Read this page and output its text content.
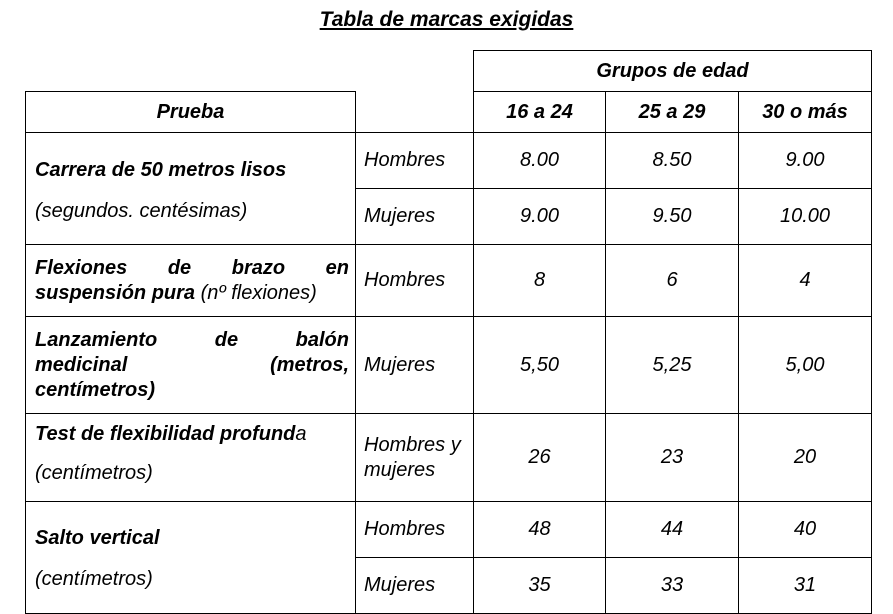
Tabla de marcas exigidas
		Grupos de edad		
Prueba		16 a 24	25 a 29	30 o más

Carrera de 50 metros lisos
(segundos. centésimas)	Hombres	8.00	8.50	9.00
	Mujeres	9.00	9.50	10.00

Flexiones de brazo en
suspensión pura (nº flexiones)	Hombres	8	6	4

Lanzamiento de balón
medicinal (metros,
centímetros)	Mujeres	5,50	5,25	5,00

Test de flexibilidad profunda
(centímetros)	Hombres y mujeres	26	23	20

Salto vertical
(centímetros)	Hombres	48	44	40
	Mujeres	35	33	31
